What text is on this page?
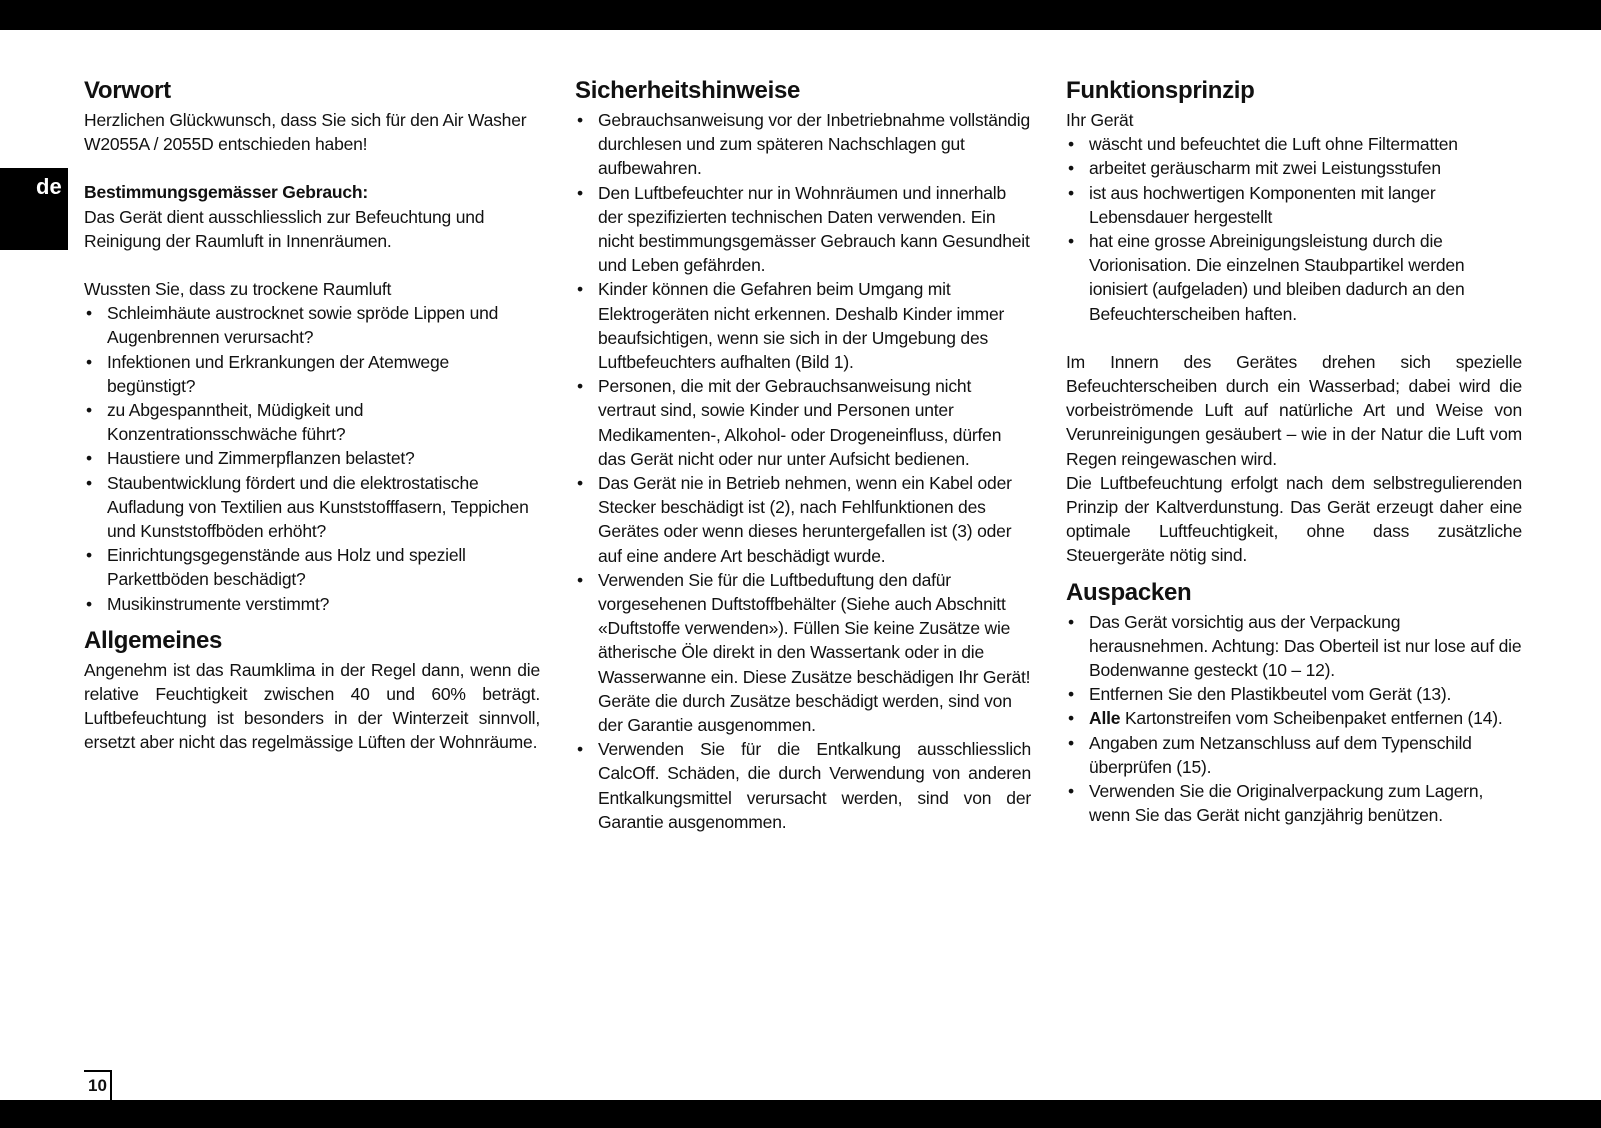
de
Vorwort

Herzlichen Glückwunsch, dass Sie sich für den Air Washer W2055A / 2055D entschieden haben!

Bestimmungsgemässer Gebrauch:

Das Gerät dient ausschliesslich zur Befeuchtung und Reinigung der Raumluft in Innenräumen.

Wussten Sie, dass zu trockene Raumluft

• Schleimhäute austrocknet sowie spröde Lippen und Augenbrennen verursacht?
• Infektionen und Erkrankungen der Atemwege begünstigt?
• zu Abgespanntheit, Müdigkeit und Konzentrationsschwäche führt?
• Haustiere und Zimmerpflanzen belastet?
• Staubentwicklung fördert und die elektrostatische Aufladung von Textilien aus Kunststofffasern, Teppichen und Kunststoffböden erhöht?
• Einrichtungsgegenstände aus Holz und speziell Parkettböden beschädigt?
• Musikinstrumente verstimmt?
Allgemeines

Angenehm ist das Raumklima in der Regel dann, wenn die relative Feuchtigkeit zwischen 40 und 60% beträgt. Luftbefeuchtung ist besonders in der Winterzeit sinnvoll, ersetzt aber nicht das regelmässige Lüften der Wohnräume.

Sicherheitshinweise
• Gebrauchsanweisung vor der Inbetriebnahme vollständig durchlesen und zum späteren Nachschlagen gut aufbewahren.
• Den Luftbefeuchter nur in Wohnräumen und innerhalb der spezifizierten technischen Daten verwenden. Ein nicht bestimmungsgemässer Gebrauch kann Gesundheit und Leben gefährden.
• Kinder können die Gefahren beim Umgang mit Elektrogeräten nicht erkennen. Deshalb Kinder immer beaufsichtigen, wenn sie sich in der Umgebung des Luftbefeuchters aufhalten (Bild 1).
• Personen, die mit der Gebrauchsanweisung nicht vertraut sind, sowie Kinder und Personen unter Medikamenten-, Alkohol- oder Drogeneinfluss, dürfen das Gerät nicht oder nur unter Aufsicht bedienen.
• Das Gerät nie in Betrieb nehmen, wenn ein Kabel oder Stecker beschädigt ist (2), nach Fehlfunktionen des Gerätes oder wenn dieses heruntergefallen ist (3) oder auf eine andere Art beschädigt wurde.
• Verwenden Sie für die Luftbeduftung den dafür vorgesehenen Duftstoffbehälter (Siehe auch Abschnitt «Duftstoffe verwenden»). Füllen Sie keine Zusätze wie ätherische Öle direkt in den Wassertank oder in die Wasserwanne ein. Diese Zusätze beschädigen Ihr Gerät! Geräte die durch Zusätze beschädigt werden, sind von der Garantie ausgenommen.
• Verwenden Sie für die Entkalkung ausschliesslich CalcOff. Schäden, die durch Verwendung von anderen Entkalkungsmittel verursacht werden, sind von der Garantie ausgenommen.
Funktionsprinzip

Ihr Gerät

• wäscht und befeuchtet die Luft ohne Filtermatten
• arbeitet geräuscharm mit zwei Leistungsstufen
• ist aus hochwertigen Komponenten mit langer Lebensdauer hergestellt
• hat eine grosse Abreinigungsleistung durch die Vorionisation. Die einzelnen Staubpartikel werden ionisiert (aufgeladen) und bleiben dadurch an den Befeuchterscheiben haften.

Im Innern des Gerätes drehen sich spezielle Befeuchterscheiben durch ein Wasserbad; dabei wird die vorbeiströmende Luft auf natürliche Art und Weise von Verunreinigungen gesäubert – wie in der Natur die Luft vom Regen reingewaschen wird.

Die Luftbefeuchtung erfolgt nach dem selbstregulierenden Prinzip der Kaltverdunstung. Das Gerät erzeugt daher eine optimale Luftfeuchtigkeit, ohne dass zusätzliche Steuergeräte nötig sind.

Auspacken
• Das Gerät vorsichtig aus der Verpackung herausnehmen. Achtung: Das Oberteil ist nur lose auf die Bodenwanne gesteckt (10 – 12).
• Entfernen Sie den Plastikbeutel vom Gerät (13).
• Alle Kartonstreifen vom Scheibenpaket entfernen (14).
• Angaben zum Netzanschluss auf dem Typenschild überprüfen (15).
• Verwenden Sie die Originalverpackung zum Lagern, wenn Sie das Gerät nicht ganzjährig benützen.
10
